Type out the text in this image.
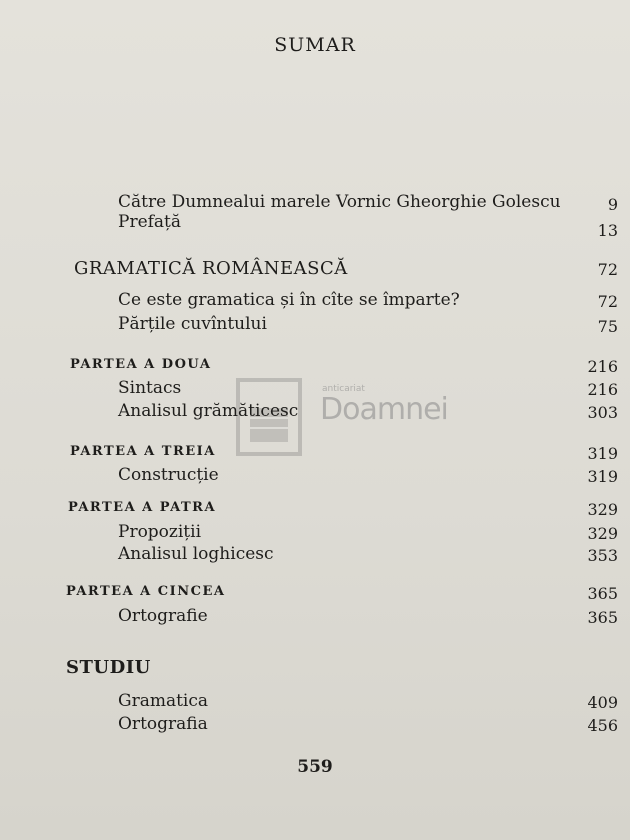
SUMAR
anticariat
Doamnei
Către Dumnealui marele Vornic Gheorghie Golescu	9
Prefață	13
GRAMATICĂ ROMÂNEASCĂ	72
Ce este gramatica și în cîte se împarte?	72
Părțile cuvîntului	75
PARTEA A DOUA	216
Sintacs	216
Analisul grămăticesc	303
PARTEA A TREIA	319
Construcție	319
PARTEA A PATRA	329
Propoziții	329
Analisul loghicesc	353
PARTEA A CINCEA	365
Ortografie	365
STUDIU
Gramatica	409
Ortografia	456
559
